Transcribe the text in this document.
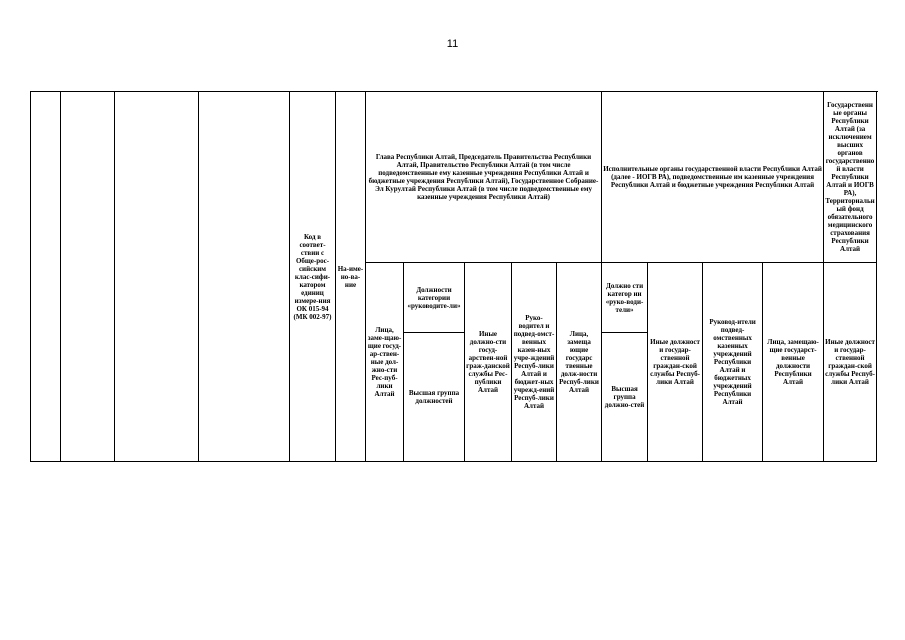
11

				Код в соответ-ствии с Обще-рос-сийским клас-сифи-катором единиц измере-ния ОК 015-94 (МК 002-97)	На-име-но-ва-ние	Глава Республики Алтай, Председатель Правительства Республики Алтай, Правительство Республики Алтай (в том числе подведомственные ему казенные учреждения Республики Алтай и бюджетные учреждения Республики Алтай), Государственное Собрание-Эл Курултай Республики Алтай (в том числе подведомственные ему казенные учреждения Республики Алтай)					Исполнительные органы государственной власти Республики Алтай (далее - ИОГВ РА), подведомственные им казенные учреждения Республики Алтай и бюджетные учреждения Республики Алтай				Государственные органы Республики Алтай (за исключением высших органов государственной власти Республики Алтай и ИОГВ РА), Территориальный фонд обязательного медицинского страхования Республики Алтай

						Лица, заме-щаю-щие госуд-ар-ствен-ные дол-жно-сти Рес-пуб-лики Алтай	Должности категории «руководите-ли»	Иные должно-сти госуд-арствен-ной граж-данской службы Рес-публики Алтай	Руко-водител и подвед-омст-венных казен-ных учре-ждений Респуб-лики Алтай и бюджет-ных учрежд-ений Респуб-лики Алтай	Лица, замеща ющие государс твенные долж-ности Респуб-лики Алтай	Должно сти категор ии «руко-води-тели»	Иные должност и государ-ственной граждан-ской службы Респуб-лики Алтай	Руковод-ители подвед-омственных казенных учреждений Республики Алтай и бюджетных учреждений Республики Алтай	Лица, замещаю-щие государст-венные должности Республики Алтай	Иные должност и государ-ственной граждан-ской службы Респуб-лики Алтай

							Высшая группа должностей				Высшая группа должно-стей				
